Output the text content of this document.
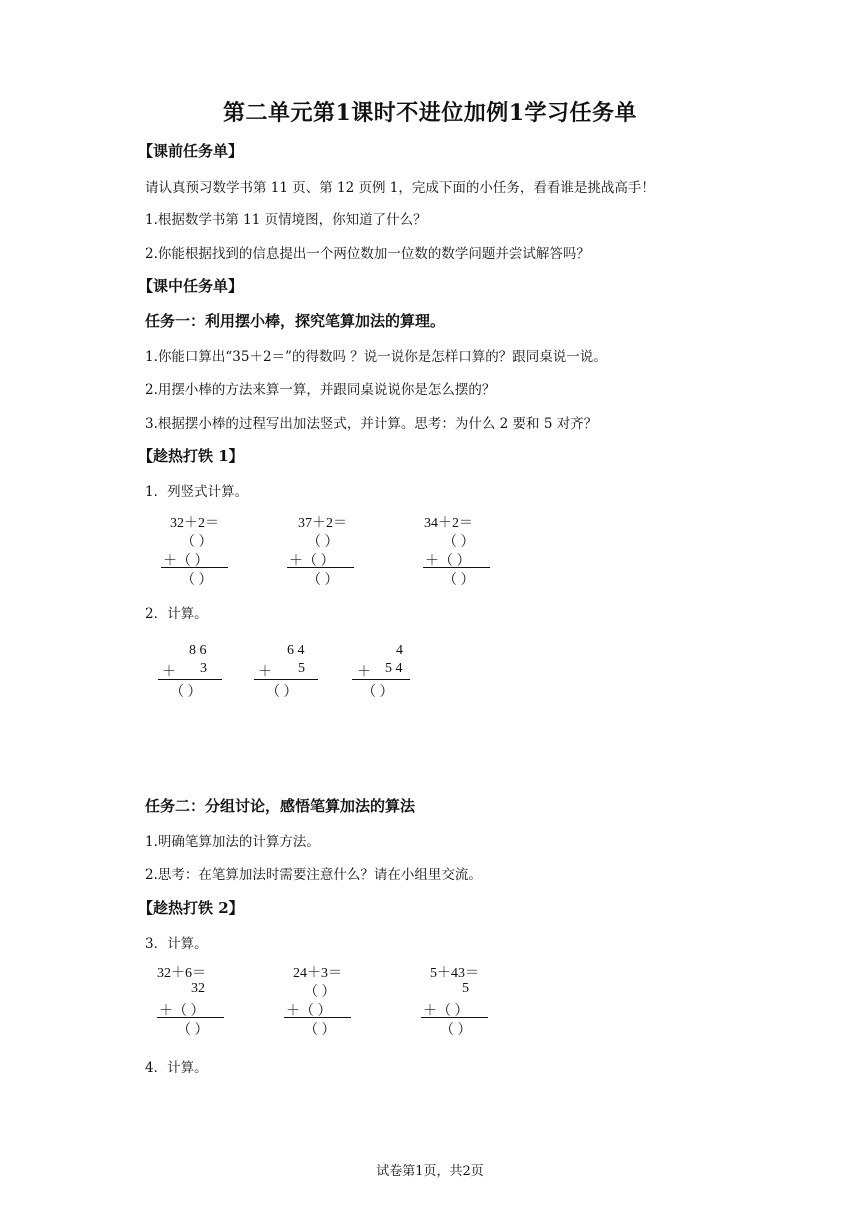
第二单元第1课时不进位加例1学习任务单
【课前任务单】
请认真预习数学书第 11 页、第 12 页例 1，完成下面的小任务，看看谁是挑战高手！
1.根据数学书第 11 页情境图，你知道了什么？
2.你能根据找到的信息提出一个两位数加一位数的数学问题并尝试解答吗？
【课中任务单】
任务一：利用摆小棒，探究笔算加法的算理。
1.你能口算出“35＋2＝”的得数吗 ？说一说你是怎样口算的？跟同桌说一说。
2.用摆小棒的方法来算一算，并跟同桌说说你是怎么摆的？
3.根据摆小棒的过程写出加法竖式，并计算。思考：为什么 2 要和 5 对齐？
【趁热打铁 1】
1．列竖式计算。
32＋2＝
（ ）
＋（ ）
（ ）
37＋2＝
（ ）
＋（ ）
（ ）
34＋2＝
（ ）
＋（ ）
（ ）
2．计算。
8 6
＋ 3
（ ）
6 4
＋ 5
（ ）
4
＋ 5 4
（ ）
任务二：分组讨论，感悟笔算加法的算法
1.明确笔算加法的计算方法。
2.思考：在笔算加法时需要注意什么？请在小组里交流。
【趁热打铁 2】
3．计算。
32＋6＝
32
＋（ ）
（ ）
24＋3＝
（ ）
＋（ ）
（ ）
5＋43＝
5
＋（ ）
（ ）
4．计算。
试卷第1页，共2页
